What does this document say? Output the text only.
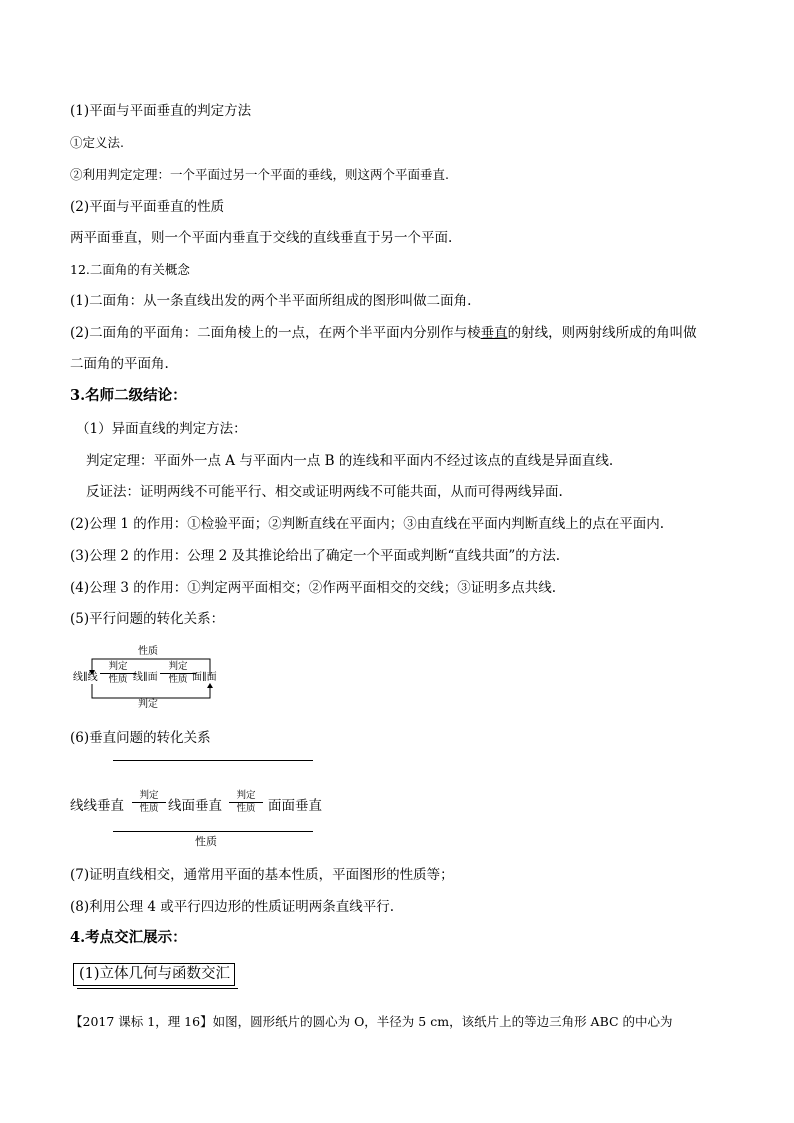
(1)平面与平面垂直的判定方法
①定义法.
②利用判定定理：一个平面过另一个平面的垂线，则这两个平面垂直.
(2)平面与平面垂直的性质
两平面垂直，则一个平面内垂直于交线的直线垂直于另一个平面.
12.二面角的有关概念
(1)二面角：从一条直线出发的两个半平面所组成的图形叫做二面角.
(2)二面角的平面角：二面角棱上的一点，在两个半平面内分别作与棱垂直的射线，则两射线所成的角叫做
二面角的平面角.
3.名师二级结论：
（1）异面直线的判定方法：
判定定理：平面外一点 A 与平面内一点 B 的连线和平面内不经过该点的直线是异面直线.
反证法：证明两线不可能平行、相交或证明两线不可能共面，从而可得两线异面.
(2)公理 1 的作用：①检验平面；②判断直线在平面内；③由直线在平面内判断直线上的点在平面内.
(3)公理 2 的作用：公理 2 及其推论给出了确定一个平面或判断“直线共面”的方法.
(4)公理 3 的作用：①判定两平面相交；②作两平面相交的交线；③证明多点共线.
(5)平行问题的转化关系：
性质
线∥线
判定
性质 线∥面
判定
性质 面∥面
判定
(6)垂直问题的转化关系
线线垂直
判定
性质 线面垂直
判定
性质 面面垂直
性质
(7)证明直线相交，通常用平面的基本性质，平面图形的性质等；
(8)利用公理 4 或平行四边形的性质证明两条直线平行.
4.考点交汇展示：
(1)立体几何与函数交汇
【2017 课标 1，理 16】如图，圆形纸片的圆心为 O，半径为 5 cm，该纸片上的等边三角形 ABC 的中心为
